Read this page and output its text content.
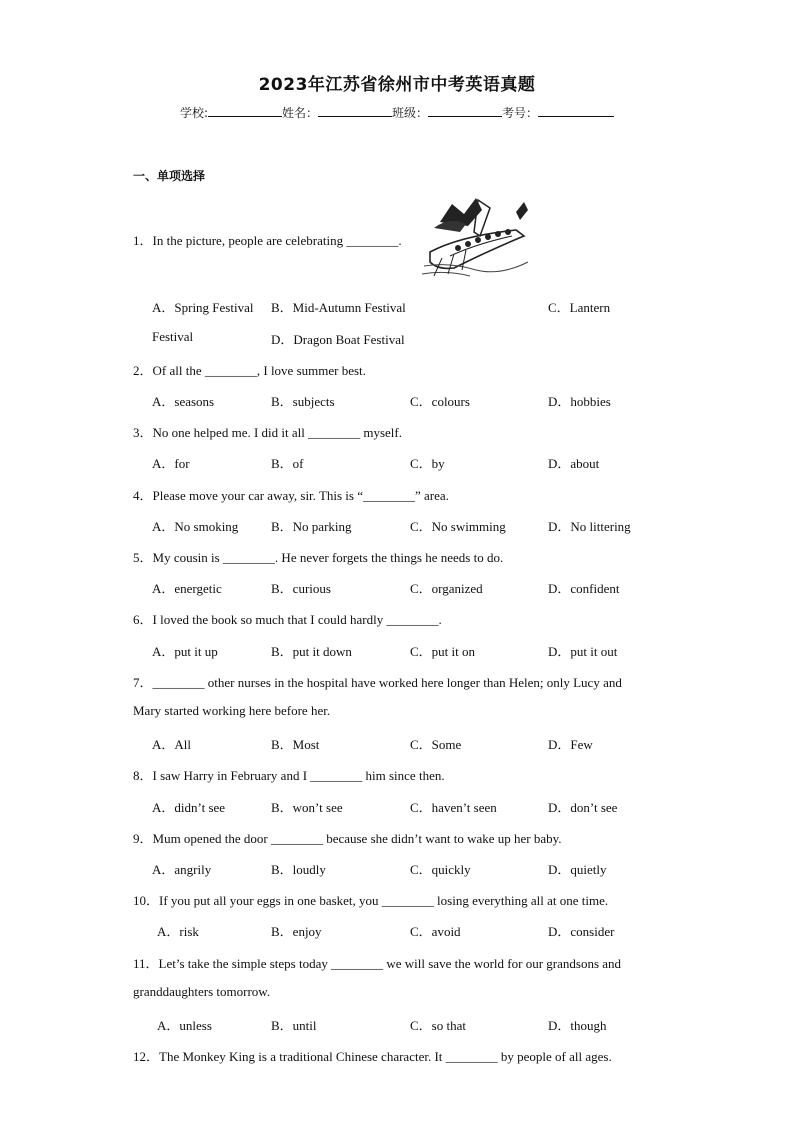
2023年江苏省徐州市中考英语真题
学校:	姓名：	班级：	考号：
一、单项选择
1．In the picture, people are celebrating ________.
A．Spring Festival B．Mid-Autumn Festival	C．Lantern
Festival	D．Dragon Boat Festival
2．Of all the ________, I love summer best.
A．seasons	B．subjects	C．colours	D．hobbies
3．No one helped me. I did it all ________ myself.
A．for	B．of	C．by	D．about
4．Please move your car away, sir. This is “________” area.
A．No smoking	B．No parking	C．No swimming	D．No littering
5．My cousin is ________. He never forgets the things he needs to do.
A．energetic	B．curious	C．organized	D．confident
6．I loved the book so much that I could hardly ________.
A．put it up	B．put it down	C．put it on	D．put it out
7．________ other nurses in the hospital have worked here longer than Helen; only Lucy and
Mary started working here before her.
A．All	B．Most	C．Some	D．Few
8．I saw Harry in February and I ________ him since then.
A．didn’t see	B．won’t see	C．haven’t seen	D．don’t see
9．Mum opened the door ________ because she didn’t want to wake up her baby.
A．angrily	B．loudly	C．quickly	D．quietly
10．If you put all your eggs in one basket, you ________ losing everything all at one time.
A．risk	B．enjoy	C．avoid	D．consider
11．Let’s take the simple steps today ________ we will save the world for our grandsons and
granddaughters tomorrow.
A．unless	B．until	C．so that	D．though
12．The Monkey King is a traditional Chinese character. It ________ by people of all ages.
